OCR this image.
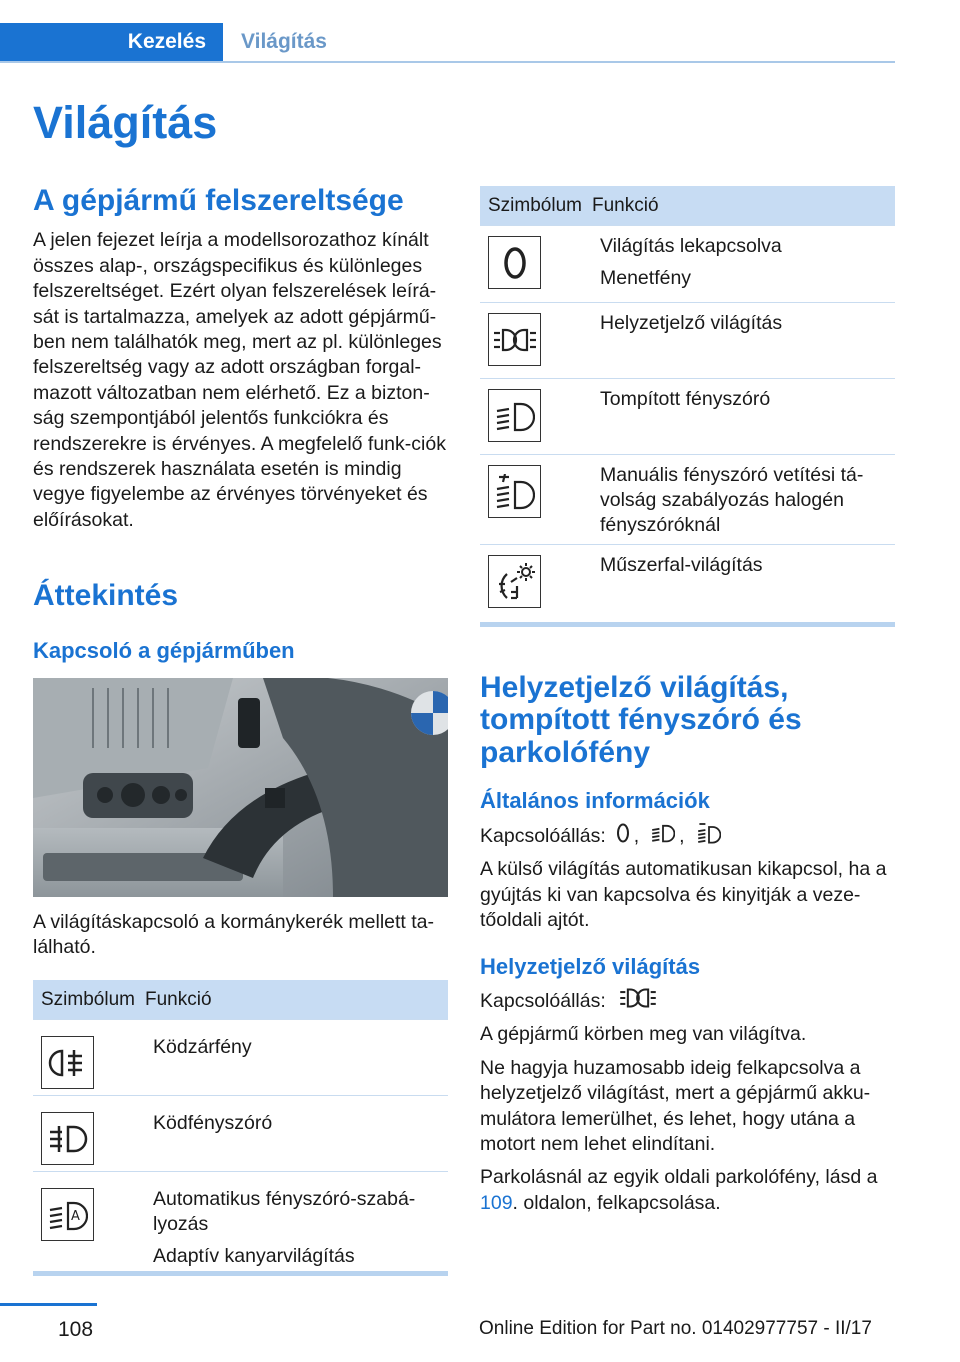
Kezelés	Világítás
Világítás
A gépjármű felszereltsége

A jelen fejezet leírja a modellsorozathoz kínált összes alap-, országspecifikus és különleges felszereltséget. Ezért olyan felszerelések leírá-sát is tartalmazza, amelyek az adott gépjármű-ben nem találhatók meg, mert az pl. különleges felszereltség vagy az adott országban forgal-mazott változatban nem elérhető. Ez a bizton-ság szempontjából jelentős funkciókra és rendszerekre is érvényes. A megfelelő funk-ciók és rendszerek használata esetén is mindig vegye figyelembe az érvényes törvényeket és előírásokat.

Áttekintés
Kapcsoló a gépjárműben

A világításkapcsoló a kormánykerék mellett ta-lálható.

Szimbólum Funkció
Ködzárfény
Ködfényszóró
A
Automatikus fényszóró-szabá-lyozás
Adaptív kanyarvilágítás
Szimbólum Funkció
Világítás lekapcsolva
Menetfény
Helyzetjelző világítás
Tompított fényszóró
Manuális fényszóró vetítési tá-volság szabályozás halogén fényszóróknál
Műszerfal-világítás
Helyzetjelző világítás, tompított fényszóró és parkolófény
Általános információk

Kapcsolóállás: , ,

A külső világítás automatikusan kikapcsol, ha a gyújtás ki van kapcsolva és kinyitják a veze-tőoldali ajtót.

Helyzetjelző világítás

Kapcsolóállás:

A gépjármű körben meg van világítva.

Ne hagyja huzamosabb ideig felkapcsolva a helyzetjelző világítást, mert a gépjármű akku-mulátora lemerülhet, és lehet, hogy utána a motort nem lehet elindítani.

Parkolásnál az egyik oldali parkolófény, lásd a 109. oldalon, felkapcsolása.

108	Online Edition for Part no. 01402977757 - II/17
